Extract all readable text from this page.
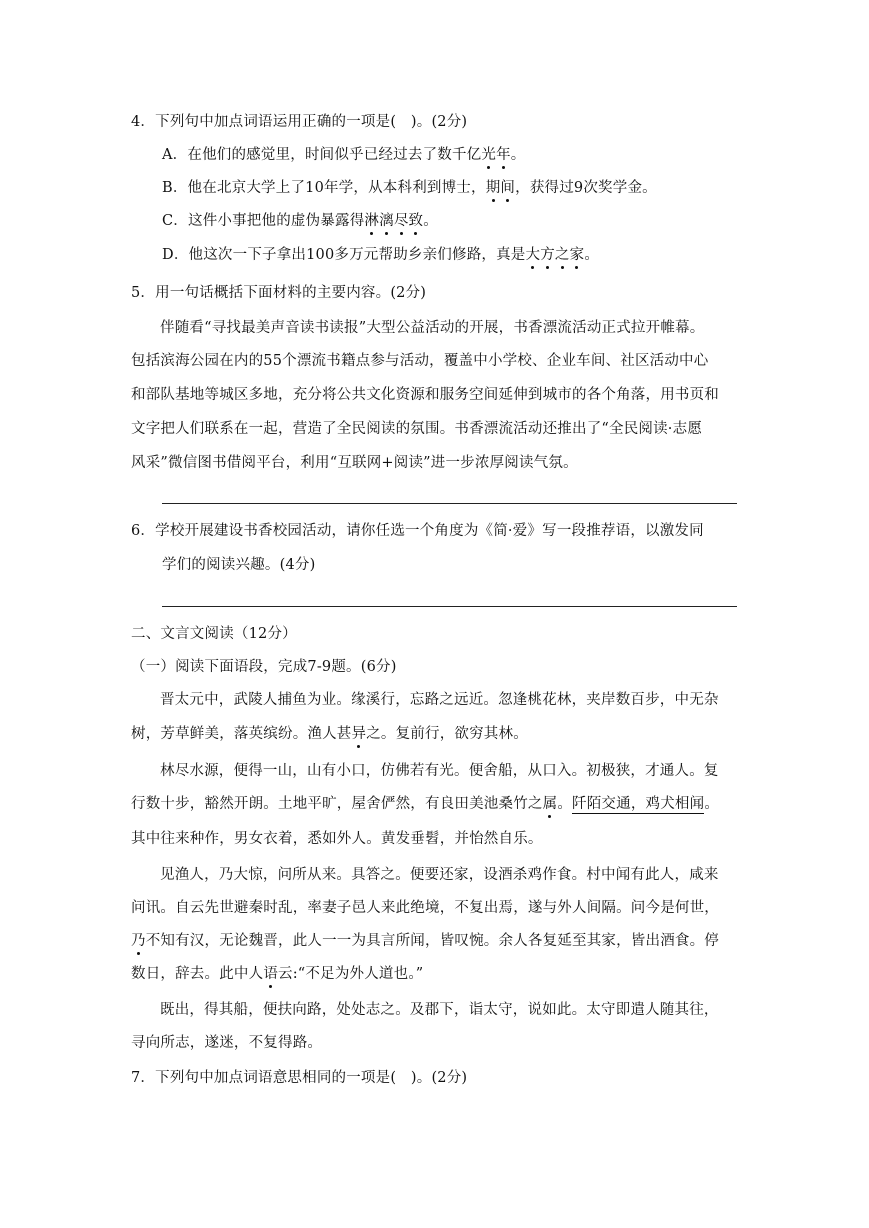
4．下列句中加点词语运用正确的一项是(　)。(2分)
A．在他们的感觉里，时间似乎已经过去了数千亿光年。
B．他在北京大学上了10年学，从本科利到博士，期间，获得过9次奖学金。
C．这件小事把他的虚伪暴露得淋漓尽致。
D．他这次一下子拿出100多万元帮助乡亲们修路，真是大方之家。
5．用一句话概括下面材料的主要内容。(2分)
伴随看“寻找最美声音读书读报”大型公益活动的开展，书香漂流活动正式拉开帷幕。
包括滨海公园在内的55个漂流书籍点参与活动，覆盖中小学校、企业车间、社区活动中心
和部队基地等城区多地，充分将公共文化资源和服务空间延伸到城市的各个角落，用书页和
文字把人们联系在一起，营造了全民阅读的氛围。书香漂流活动还推出了“全民阅读·志愿
风采”微信图书借阅平台，利用“互联网+阅读”进一步浓厚阅读气氛。
6．学校开展建设书香校园活动，请你任选一个角度为《简·爱》写一段推荐语，以激发同
学们的阅读兴趣。(4分)
二、文言文阅读（12分）
（一）阅读下面语段，完成7-9题。(6分)
晋太元中，武陵人捕鱼为业。缘溪行，忘路之远近。忽逢桃花林，夹岸数百步，中无杂
树，芳草鲜美，落英缤纷。渔人甚异之。复前行，欲穷其林。
林尽水源，便得一山，山有小口，仿佛若有光。便舍船，从口入。初极狭，才通人。复
行数十步，豁然开朗。土地平旷，屋舍俨然，有良田美池桑竹之属。阡陌交通，鸡犬相闻。
其中往来种作，男女衣着，悉如外人。黄发垂髫，并怡然自乐。
见渔人，乃大惊，问所从来。具答之。便要还家，设酒杀鸡作食。村中闻有此人，咸来
问讯。自云先世避秦时乱，率妻子邑人来此绝境，不复出焉，遂与外人间隔。问今是何世，
乃不知有汉，无论魏晋，此人一一为具言所闻，皆叹惋。余人各复延至其家，皆出酒食。停
数日，辞去。此中人语云:“不足为外人道也。”
既出，得其船，便扶向路，处处志之。及郡下，诣太守，说如此。太守即遣人随其往，
寻向所志，遂迷，不复得路。
7．下列句中加点词语意思相同的一项是(　)。(2分)
